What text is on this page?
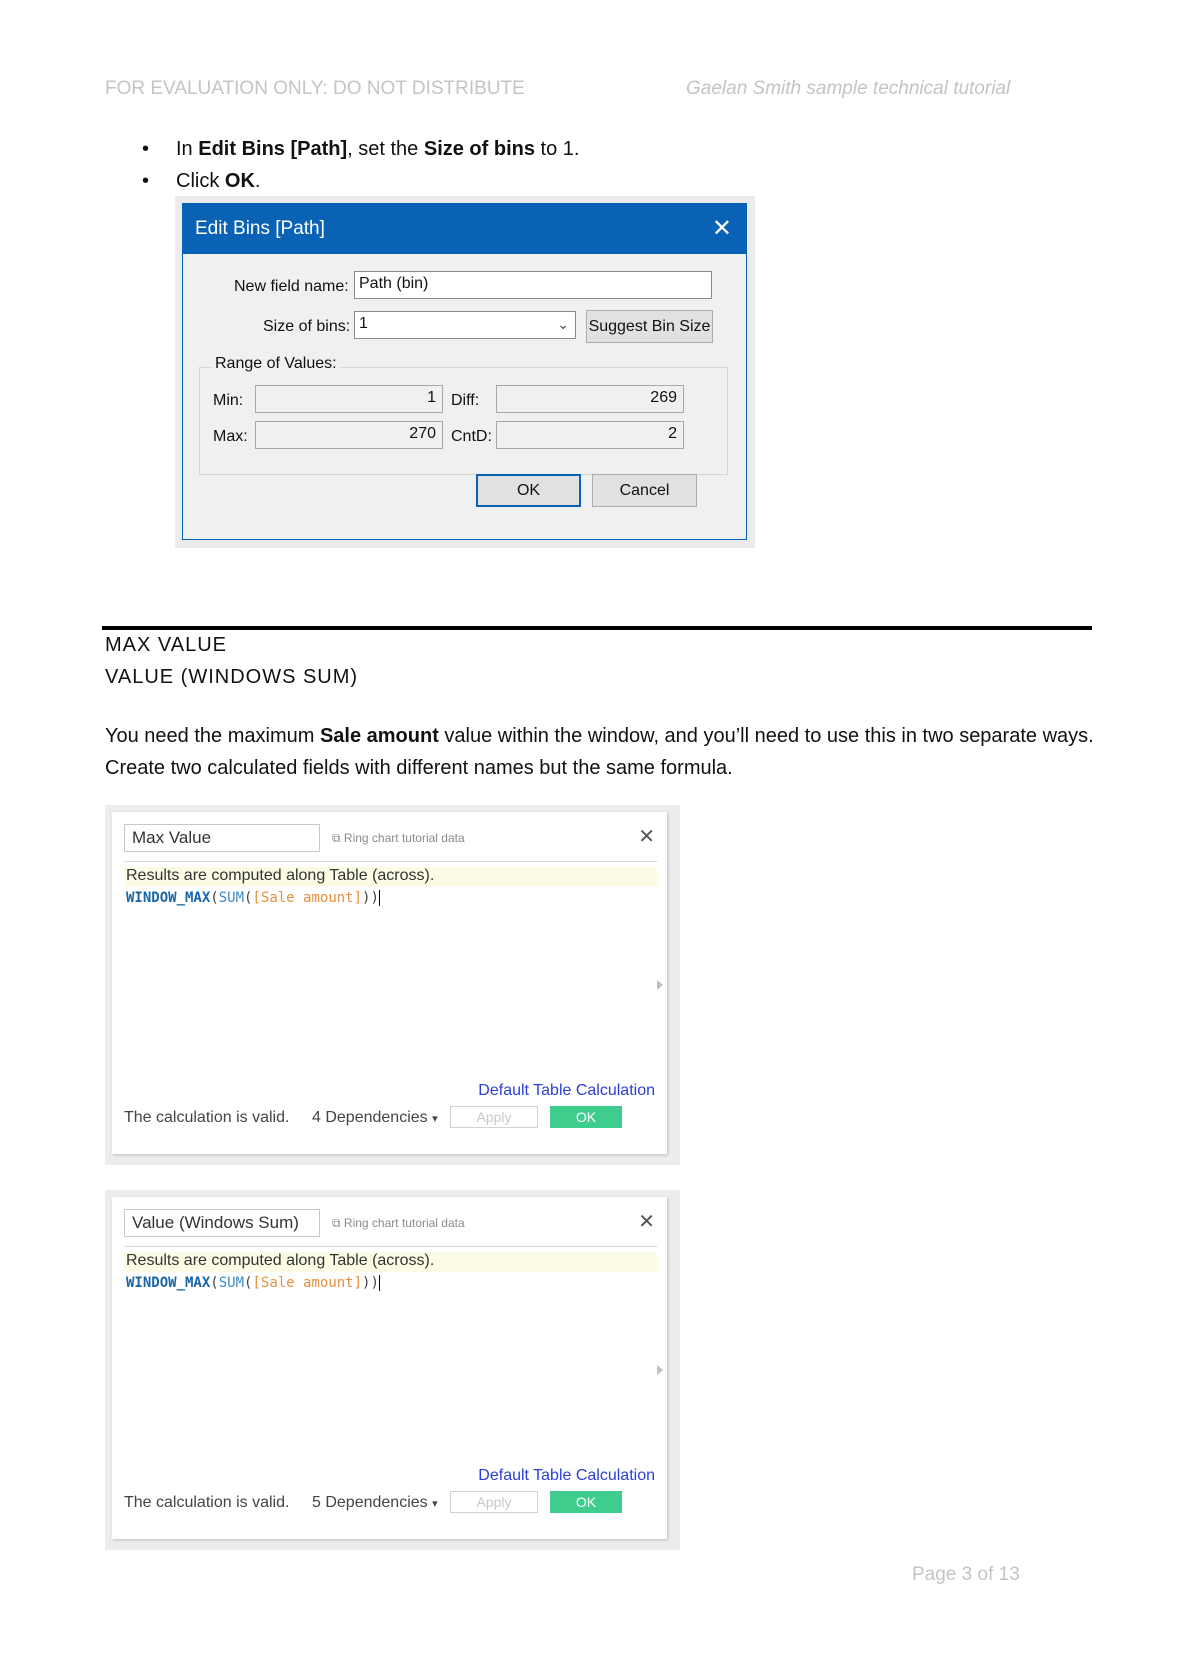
FOR EVALUATION ONLY: DO NOT DISTRIBUTE	Gaelan Smith sample technical tutorial
• In Edit Bins [Path], set the Size of bins to 1.
• Click OK.
Edit Bins [Path]	✕
New field name: Path (bin)
Size of bins: 1	⌄ Suggest Bin Size
Range of Values:
Min:	1 Diff:	269
Max:	270 CntD:	2
OK	Cancel
MAX VALUE
VALUE (WINDOWS SUM)
You need the maximum Sale amount value within the window, and you’ll need to use this in two separate ways. Create two calculated fields with different names but the same formula.
Max Value	⧉ Ring chart tutorial data	✕
Results are computed along Table (across).
WINDOW_MAX(SUM([Sale amount]))
Default Table Calculation
The calculation is valid. 4 Dependencies ▾	Apply	OK
Value (Windows Sum)	⧉ Ring chart tutorial data	✕
Results are computed along Table (across).
WINDOW_MAX(SUM([Sale amount]))
Default Table Calculation
The calculation is valid. 5 Dependencies ▾	Apply	OK
Page 3 of 13
